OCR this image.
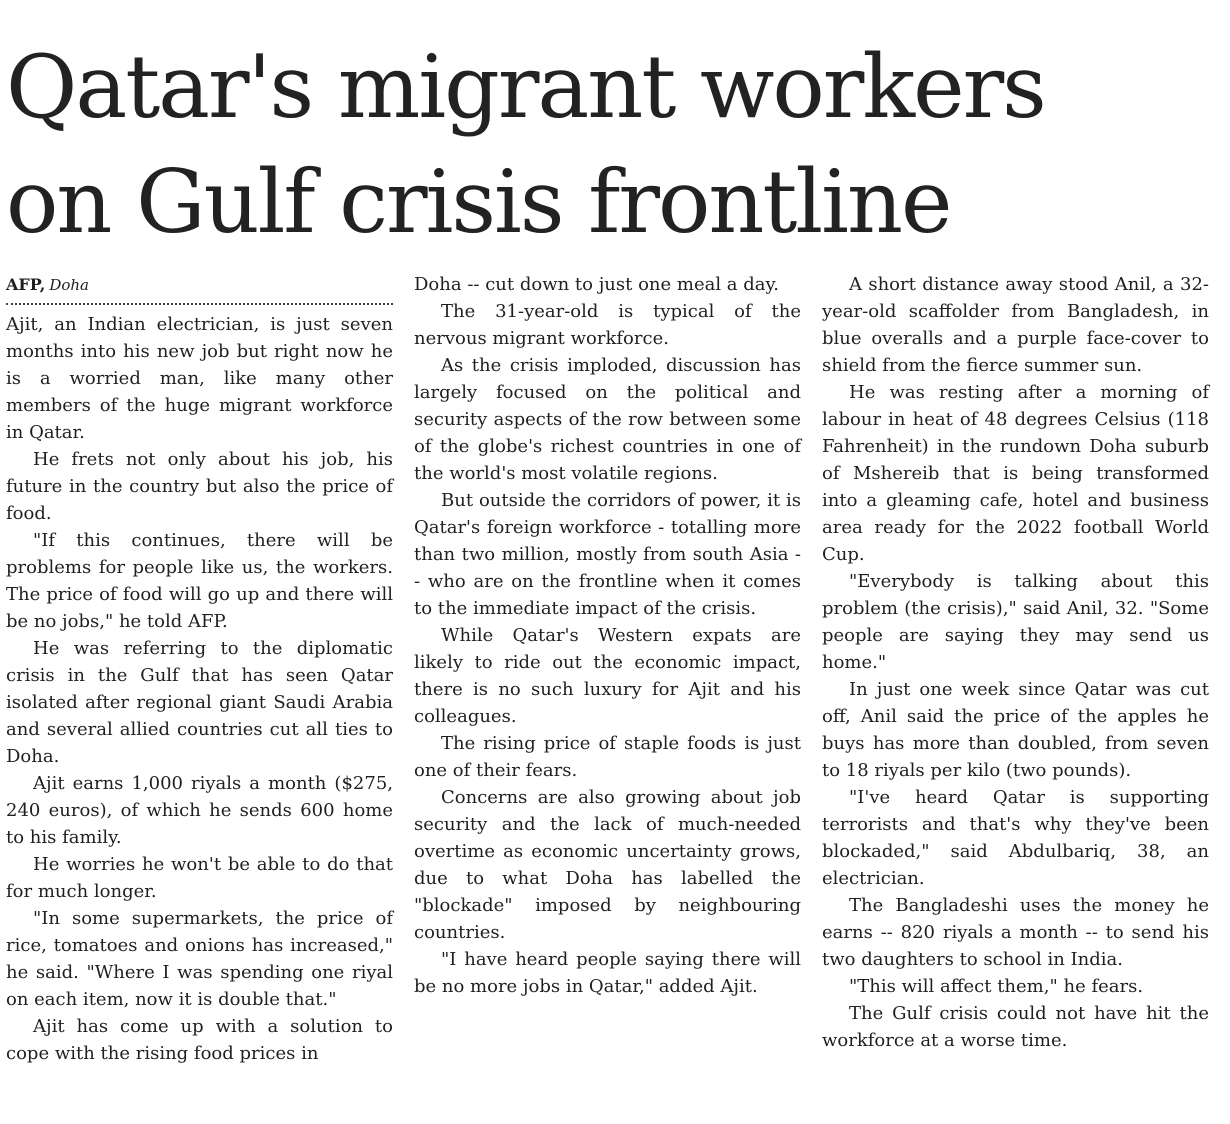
Qatar's migrant workers
on Gulf crisis frontline
AFP, Doha

Ajit, an Indian electrician, is just seven months into his new job but right now he is a worried man, like many other members of the huge migrant workforce in Qatar.

He frets not only about his job, his future in the country but also the price of food.

"If this continues, there will be problems for people like us, the workers. The price of food will go up and there will be no jobs," he told AFP.

He was referring to the diplomatic crisis in the Gulf that has seen Qatar isolated after regional giant Saudi Arabia and several allied countries cut all ties to Doha.

Ajit earns 1,000 riyals a month ($275, 240 euros), of which he sends 600 home to his family.

He worries he won't be able to do that for much longer.

"In some supermarkets, the price of rice, tomatoes and onions has increased," he said. "Where I was spending one riyal on each item, now it is double that."

Ajit has come up with a solution to cope with the rising food prices in

Doha -- cut down to just one meal a day.

The 31-year-old is typical of the nervous migrant workforce.

As the crisis imploded, discussion has largely focused on the political and security aspects of the row between some of the globe's richest countries in one of the world's most volatile regions.

But outside the corridors of power, it is Qatar's foreign workforce - totalling more than two million, mostly from south Asia -- who are on the frontline when it comes to the immediate impact of the crisis.

While Qatar's Western expats are likely to ride out the economic impact, there is no such luxury for Ajit and his colleagues.

The rising price of staple foods is just one of their fears.

Concerns are also growing about job security and the lack of much-needed overtime as economic uncertainty grows, due to what Doha has labelled the "blockade" imposed by neighbouring countries.

"I have heard people saying there will be no more jobs in Qatar," added Ajit.

A short distance away stood Anil, a 32-year-old scaffolder from Bangladesh, in blue overalls and a purple face-cover to shield from the fierce summer sun.

He was resting after a morning of labour in heat of 48 degrees Celsius (118 Fahrenheit) in the rundown Doha suburb of Mshereib that is being transformed into a gleaming cafe, hotel and business area ready for the 2022 football World Cup.

"Everybody is talking about this problem (the crisis)," said Anil, 32. "Some people are saying they may send us home."

In just one week since Qatar was cut off, Anil said the price of the apples he buys has more than doubled, from seven to 18 riyals per kilo (two pounds).

"I've heard Qatar is supporting terrorists and that's why they've been blockaded," said Abdulbariq, 38, an electrician.

The Bangladeshi uses the money he earns -- 820 riyals a month -- to send his two daughters to school in India.

"This will affect them," he fears.

The Gulf crisis could not have hit the workforce at a worse time.
